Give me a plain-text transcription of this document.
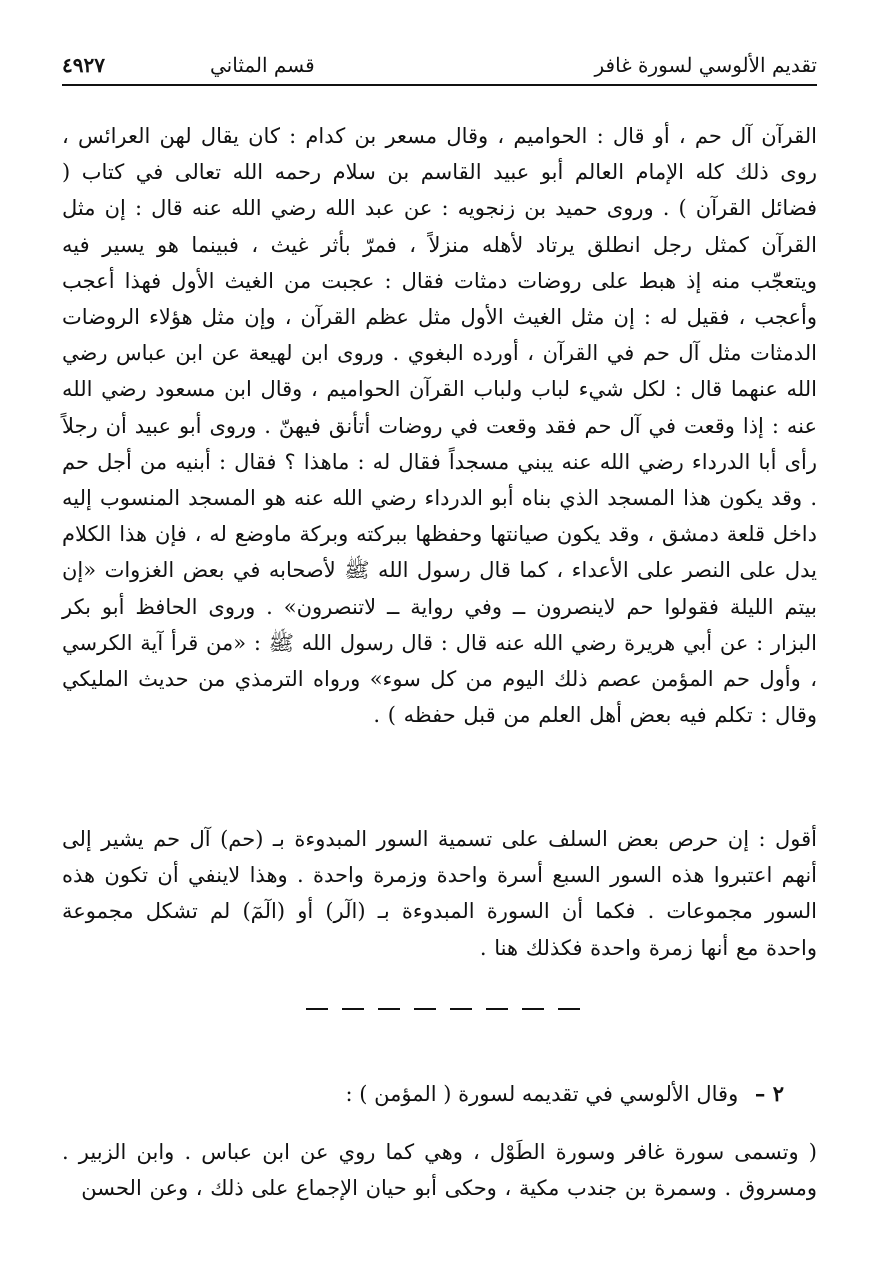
تقديم الألوسي لسورة غافر
قسم المثاني
٤٩٢٧

القرآن آل حم ، أو قال : الحواميم ، وقال مسعر بن كدام : كان يقال لهن العرائس ، روى ذلك كله الإمام العالم أبو عبيد القاسم بن سلام رحمه الله تعالى في كتاب ( فضائل القرآن ) . وروى حميد بن زنجويه : عن عبد الله رضي الله عنه قال : إن مثل القرآن كمثل رجل انطلق يرتاد لأهله منزلاً ، فمرّ بأثر غيث ، فبينما هو يسير فيه ويتعجّب منه إذ هبط على روضات دمثات فقال : عجبت من الغيث الأول فهذا أعجب وأعجب ، فقيل له : إن مثل الغيث الأول مثل عظم القرآن ، وإن مثل هؤلاء الروضات الدمثات مثل آل حم في القرآن ، أورده البغوي . وروى ابن لهيعة عن ابن عباس رضي الله عنهما قال : لكل شيء لباب ولباب القرآن الحواميم ، وقال ابن مسعود رضي الله عنه : إذا وقعت في آل حم فقد وقعت في روضات أتأنق فيهنّ . وروى أبو عبيد أن رجلاً رأى أبا الدرداء رضي الله عنه يبني مسجداً فقال له : ماهذا ؟ فقال : أبنيه من أجل حم . وقد يكون هذا المسجد الذي بناه أبو الدرداء رضي الله عنه هو المسجد المنسوب إليه داخل قلعة دمشق ، وقد يكون صيانتها وحفظها ببركته وبركة ماوضع له ، فإن هذا الكلام يدل على النصر على الأعداء ، كما قال رسول الله ﷺ لأصحابه في بعض الغزوات «إن بيتم الليلة فقولوا حم لاينصرون ــ وفي رواية ــ لاتنصرون» . وروى الحافظ أبو بكر البزار : عن أبي هريرة رضي الله عنه قال : قال رسول الله ﷺ : «من قرأ آية الكرسي ، وأول حم المؤمن عصم ذلك اليوم من كل سوء» ورواه الترمذي من حديث المليكي وقال : تكلم فيه بعض أهل العلم من قبل حفظه ) .

أقول : إن حرص بعض السلف على تسمية السور المبدوءة بـ (حم) آل حم يشير إلى أنهم اعتبروا هذه السور السبع أسرة واحدة وزمرة واحدة . وهذا لاينفي أن تكون هذه السور مجموعات . فكما أن السورة المبدوءة بـ (الٓر) أو (الٓمٓ) لم تشكل مجموعة واحدة مع أنها زمرة واحدة فكذلك هنا .

٢ – وقال الألوسي في تقديمه لسورة ( المؤمن ) :

( وتسمى سورة غافر وسورة الطَوْل ، وهي كما روي عن ابن عباس . وابن الزبير . ومسروق . وسمرة بن جندب مكية ، وحكى أبو حيان الإجماع على ذلك ، وعن الحسن
